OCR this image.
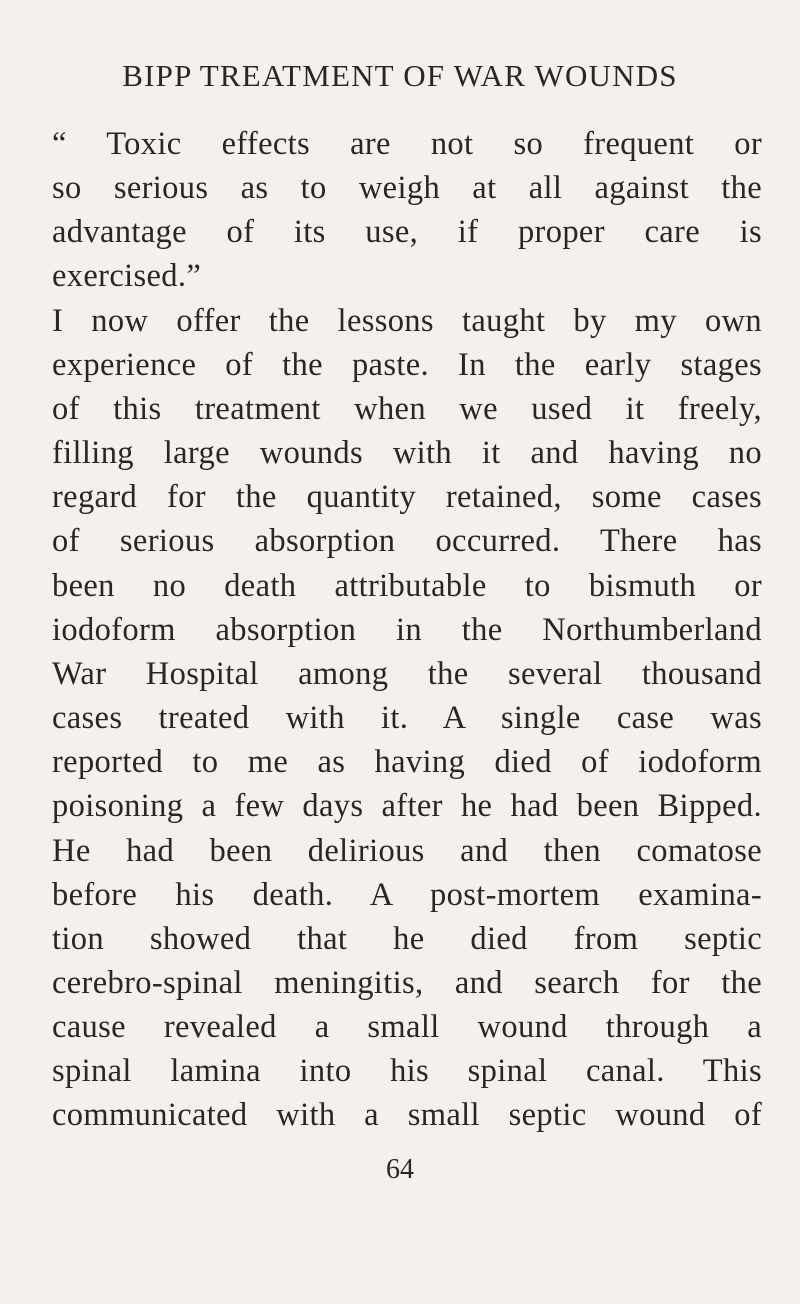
BIPP TREATMENT OF WAR WOUNDS
“ Toxic effects are not so frequent or
so serious as to weigh at all against the
advantage of its use, if proper care is
exercised.”
I now offer the lessons taught by my own
experience of the paste. In the early stages
of this treatment when we used it freely,
filling large wounds with it and having no
regard for the quantity retained, some cases
of serious absorption occurred. There has
been no death attributable to bismuth or
iodoform absorption in the Northumberland
War Hospital among the several thousand
cases treated with it. A single case was
reported to me as having died of iodoform
poisoning a few days after he had been Bipped.
He had been delirious and then comatose
before his death. A post-mortem examina-
tion showed that he died from septic
cerebro-spinal meningitis, and search for the
cause revealed a small wound through a
spinal lamina into his spinal canal. This
communicated with a small septic wound of
64
